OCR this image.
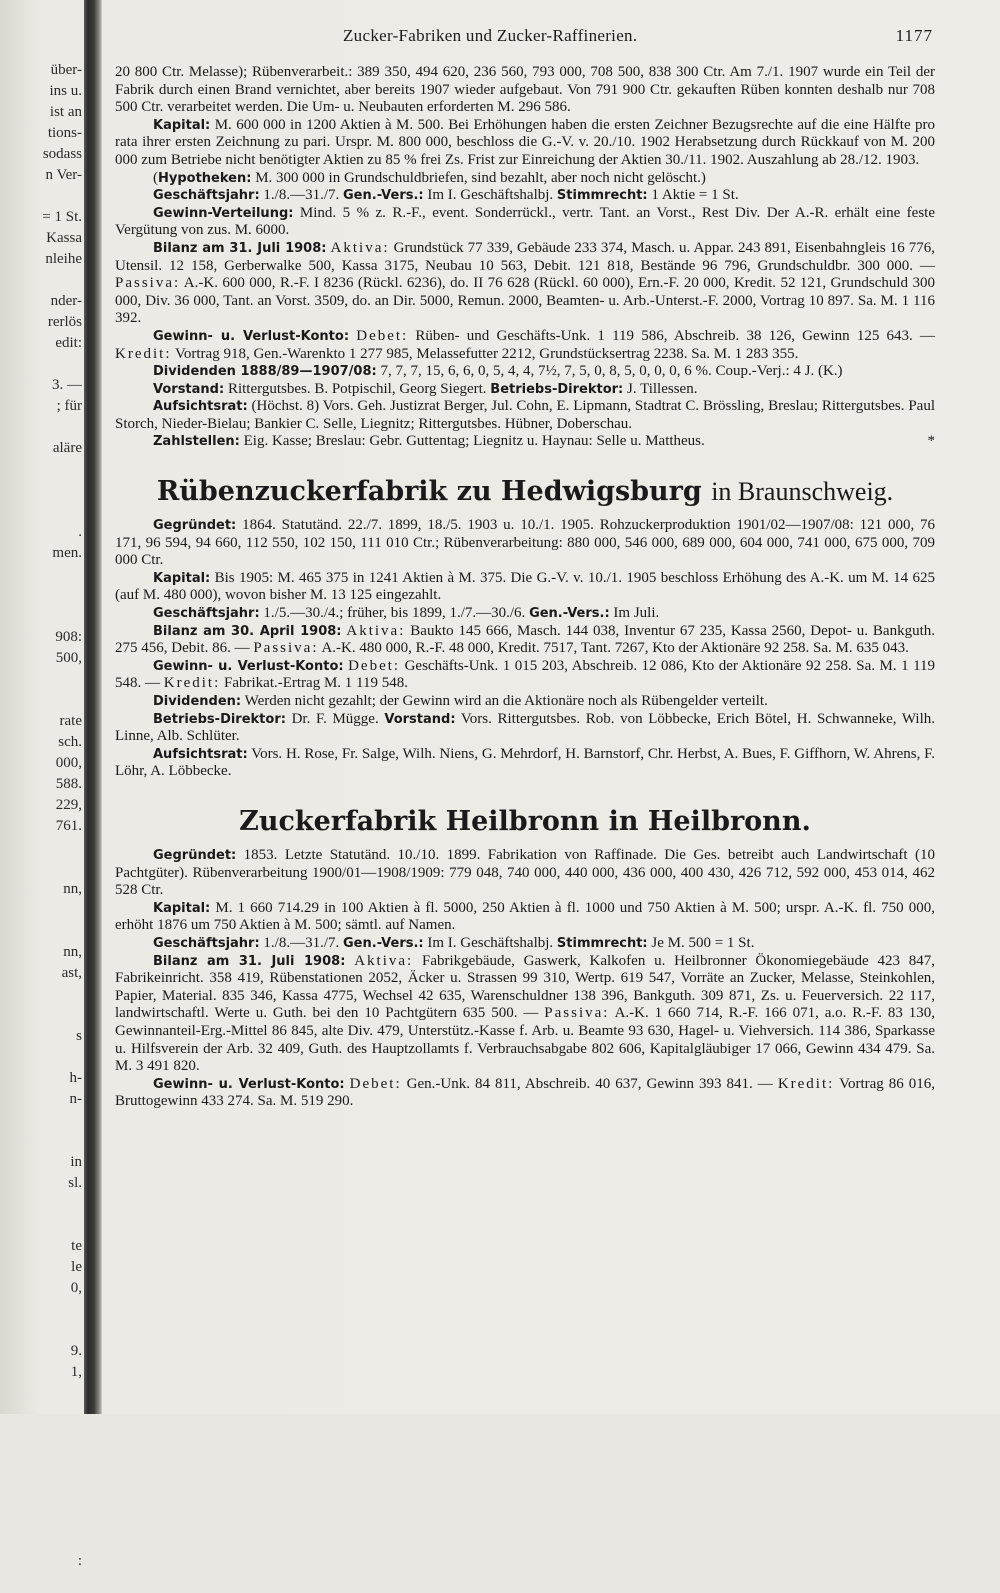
über-
ins u.
ist an
tions-
sodass
n Ver-
= 1 St.
Kassa
nleihe
nder-
rerlös
edit:
3. —
; für
aläre
.
men.
908:
500,
rate
sch.
000,
588.
229,
761.
nn,
nn,
ast,
s
h-
n-
in
sl.
te
le
0,
9.
1,
:
Zucker-Fabriken und Zucker-Raffinerien.	1177

20 800 Ctr. Melasse); Rübenverarbeit.: 389 350, 494 620, 236 560, 793 000, 708 500, 838 300 Ctr. Am 7./1. 1907 wurde ein Teil der Fabrik durch einen Brand vernichtet, aber bereits 1907 wieder aufgebaut. Von 791 900 Ctr. gekauften Rüben konnten deshalb nur 708 500 Ctr. verarbeitet werden. Die Um- u. Neubauten erforderten M. 296 586.

Kapital: M. 600 000 in 1200 Aktien à M. 500. Bei Erhöhungen haben die ersten Zeichner Bezugsrechte auf die eine Hälfte pro rata ihrer ersten Zeichnung zu pari. Urspr. M. 800 000, beschloss die G.-V. v. 20./10. 1902 Herabsetzung durch Rückkauf von M. 200 000 zum Betriebe nicht benötigter Aktien zu 85 % frei Zs. Frist zur Einreichung der Aktien 30./11. 1902. Auszahlung ab 28./12. 1903.

(Hypotheken: M. 300 000 in Grundschuldbriefen, sind bezahlt, aber noch nicht gelöscht.)

Geschäftsjahr: 1./8.—31./7. Gen.-Vers.: Im I. Geschäftshalbj. Stimmrecht: 1 Aktie = 1 St.

Gewinn-Verteilung: Mind. 5 % z. R.-F., event. Sonderrückl., vertr. Tant. an Vorst., Rest Div. Der A.-R. erhält eine feste Vergütung von zus. M. 6000.

Bilanz am 31. Juli 1908: Aktiva: Grundstück 77 339, Gebäude 233 374, Masch. u. Appar. 243 891, Eisenbahngleis 16 776, Utensil. 12 158, Gerberwalke 500, Kassa 3175, Neubau 10 563, Debit. 121 818, Bestände 96 796, Grundschuldbr. 300 000. — Passiva: A.-K. 600 000, R.-F. I 8236 (Rückl. 6236), do. II 76 628 (Rückl. 60 000), Ern.-F. 20 000, Kredit. 52 121, Grundschuld 300 000, Div. 36 000, Tant. an Vorst. 3509, do. an Dir. 5000, Remun. 2000, Beamten- u. Arb.-Unterst.-F. 2000, Vortrag 10 897. Sa. M. 1 116 392.

Gewinn- u. Verlust-Konto: Debet: Rüben- und Geschäfts-Unk. 1 119 586, Abschreib. 38 126, Gewinn 125 643. — Kredit: Vortrag 918, Gen.-Warenkto 1 277 985, Melassefutter 2212, Grundstücksertrag 2238. Sa. M. 1 283 355.

Dividenden 1888/89—1907/08: 7, 7, 7, 15, 6, 6, 0, 5, 4, 4, 7½, 7, 5, 0, 8, 5, 0, 0, 0, 6 %. Coup.-Verj.: 4 J. (K.)

Vorstand: Rittergutsbes. B. Potpischil, Georg Siegert. Betriebs-Direktor: J. Tillessen.

Aufsichtsrat: (Höchst. 8) Vors. Geh. Justizrat Berger, Jul. Cohn, E. Lipmann, Stadtrat C. Brössling, Breslau; Rittergutsbes. Paul Storch, Nieder-Bielau; Bankier C. Selle, Liegnitz; Rittergutsbes. Hübner, Doberschau.

Zahlstellen: Eig. Kasse; Breslau: Gebr. Guttentag; Liegnitz u. Haynau: Selle u. Mattheus.	*

Rübenzuckerfabrik zu Hedwigsburg in Braunschweig.

Gegründet: 1864. Statutänd. 22./7. 1899, 18./5. 1903 u. 10./1. 1905. Rohzuckerproduktion 1901/02—1907/08: 121 000, 76 171, 96 594, 94 660, 112 550, 102 150, 111 010 Ctr.; Rübenverarbeitung: 880 000, 546 000, 689 000, 604 000, 741 000, 675 000, 709 000 Ctr.

Kapital: Bis 1905: M. 465 375 in 1241 Aktien à M. 375. Die G.-V. v. 10./1. 1905 beschloss Erhöhung des A.-K. um M. 14 625 (auf M. 480 000), wovon bisher M. 13 125 eingezahlt.

Geschäftsjahr: 1./5.—30./4.; früher, bis 1899, 1./7.—30./6. Gen.-Vers.: Im Juli.

Bilanz am 30. April 1908: Aktiva: Baukto 145 666, Masch. 144 038, Inventur 67 235, Kassa 2560, Depot- u. Bankguth. 275 456, Debit. 86. — Passiva: A.-K. 480 000, R.-F. 48 000, Kredit. 7517, Tant. 7267, Kto der Aktionäre 92 258. Sa. M. 635 043.

Gewinn- u. Verlust-Konto: Debet: Geschäfts-Unk. 1 015 203, Abschreib. 12 086, Kto der Aktionäre 92 258. Sa. M. 1 119 548. — Kredit: Fabrikat.-Ertrag M. 1 119 548.

Dividenden: Werden nicht gezahlt; der Gewinn wird an die Aktionäre noch als Rübengelder verteilt.

Betriebs-Direktor: Dr. F. Mügge. Vorstand: Vors. Rittergutsbes. Rob. von Löbbecke, Erich Bötel, H. Schwanneke, Wilh. Linne, Alb. Schlüter.

Aufsichtsrat: Vors. H. Rose, Fr. Salge, Wilh. Niens, G. Mehrdorf, H. Barnstorf, Chr. Herbst, A. Bues, F. Giffhorn, W. Ahrens, F. Löhr, A. Löbbecke.

Zuckerfabrik Heilbronn in Heilbronn.

Gegründet: 1853. Letzte Statutänd. 10./10. 1899. Fabrikation von Raffinade. Die Ges. betreibt auch Landwirtschaft (10 Pachtgüter). Rübenverarbeitung 1900/01—1908/1909: 779 048, 740 000, 440 000, 436 000, 400 430, 426 712, 592 000, 453 014, 462 528 Ctr.

Kapital: M. 1 660 714.29 in 100 Aktien à fl. 5000, 250 Aktien à fl. 1000 und 750 Aktien à M. 500; urspr. A.-K. fl. 750 000, erhöht 1876 um 750 Aktien à M. 500; sämtl. auf Namen.

Geschäftsjahr: 1./8.—31./7. Gen.-Vers.: Im I. Geschäftshalbj. Stimmrecht: Je M. 500 = 1 St.

Bilanz am 31. Juli 1908: Aktiva: Fabrikgebäude, Gaswerk, Kalkofen u. Heilbronner Ökonomiegebäude 423 847, Fabrikeinricht. 358 419, Rübenstationen 2052, Äcker u. Strassen 99 310, Wertp. 619 547, Vorräte an Zucker, Melasse, Steinkohlen, Papier, Material. 835 346, Kassa 4775, Wechsel 42 635, Warenschuldner 138 396, Bankguth. 309 871, Zs. u. Feuerversich. 22 117, landwirtschaftl. Werte u. Guth. bei den 10 Pachtgütern 635 500. — Passiva: A.-K. 1 660 714, R.-F. 166 071, a.o. R.-F. 83 130, Gewinnanteil-Erg.-Mittel 86 845, alte Div. 479, Unterstütz.-Kasse f. Arb. u. Beamte 93 630, Hagel- u. Viehversich. 114 386, Sparkasse u. Hilfsverein der Arb. 32 409, Guth. des Hauptzollamts f. Verbrauchsabgabe 802 606, Kapitalgläubiger 17 066, Gewinn 434 479. Sa. M. 3 491 820.

Gewinn- u. Verlust-Konto: Debet: Gen.-Unk. 84 811, Abschreib. 40 637, Gewinn 393 841. — Kredit: Vortrag 86 016, Bruttogewinn 433 274. Sa. M. 519 290.
